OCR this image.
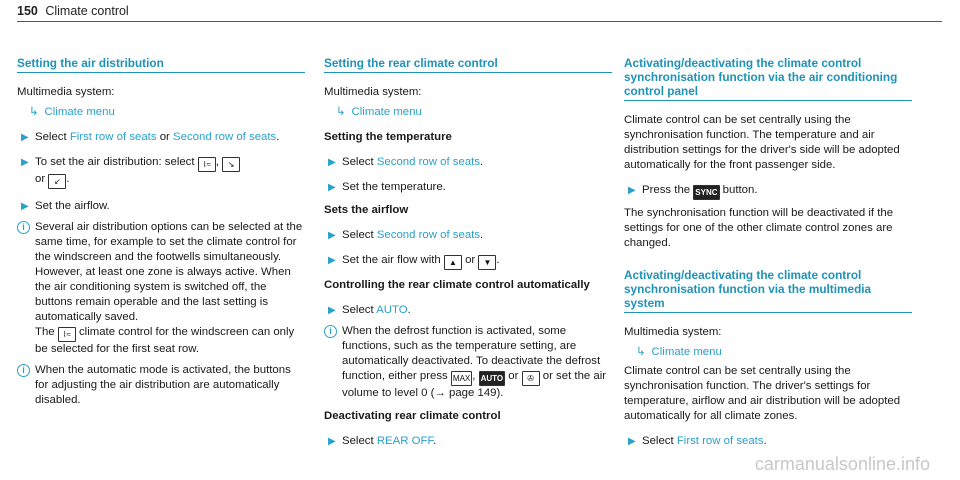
150 Climate control
Setting the air distribution

Multimedia system:

↳ Climate menu

▶ Select First row of seats or Second row of seats.
▶ To set the air distribution: select ⌇≈ , ↘
or ↙ .
▶ Set the airflow.
i Several air distribution options can be selected at the same time, for example to set the climate control for the windscreen and the footwells simultaneously. However, at least one zone is always active. When the air conditioning system is switched off, the buttons remain operable and the last setting is automatically saved.
The ⌇≈ climate control for the windscreen can only be selected for the first seat row.
i When the automatic mode is activated, the buttons for adjusting the air distribution are automatically disabled.
Setting the rear climate control

Multimedia system:

↳ Climate menu

Setting the temperature
▶ Select Second row of seats.
▶ Set the temperature.
Sets the airflow
▶ Select Second row of seats.
▶ Set the air flow with ▲ or ▼ .
Controlling the rear climate control automatically
▶ Select AUTO.
i When the defrost function is activated, some functions, such as the temperature setting, are automatically deactivated. To deactivate the defrost function, either press MAX , AUTO or ✇ or set the air volume to level 0 (→ page 149).
Deactivating rear climate control
▶ Select REAR OFF.
Activating/deactivating the climate control synchronisation function via the air conditioning control panel

Climate control can be set centrally using the synchronisation function. The temperature and air distribution settings for the driver's side will be adopted automatically for the front passenger side.

▶ Press the SYNC button.

The synchronisation function will be deactivated if the settings for one of the other climate control zones are changed.

Activating/deactivating the climate control synchronisation function via the multimedia system

Multimedia system:

↳ Climate menu

Climate control can be set centrally using the synchronisation function. The driver's settings for temperature, airflow and air distribution will be adopted automatically for all climate zones.

▶ Select First row of seats.
carmanualsonline.info
